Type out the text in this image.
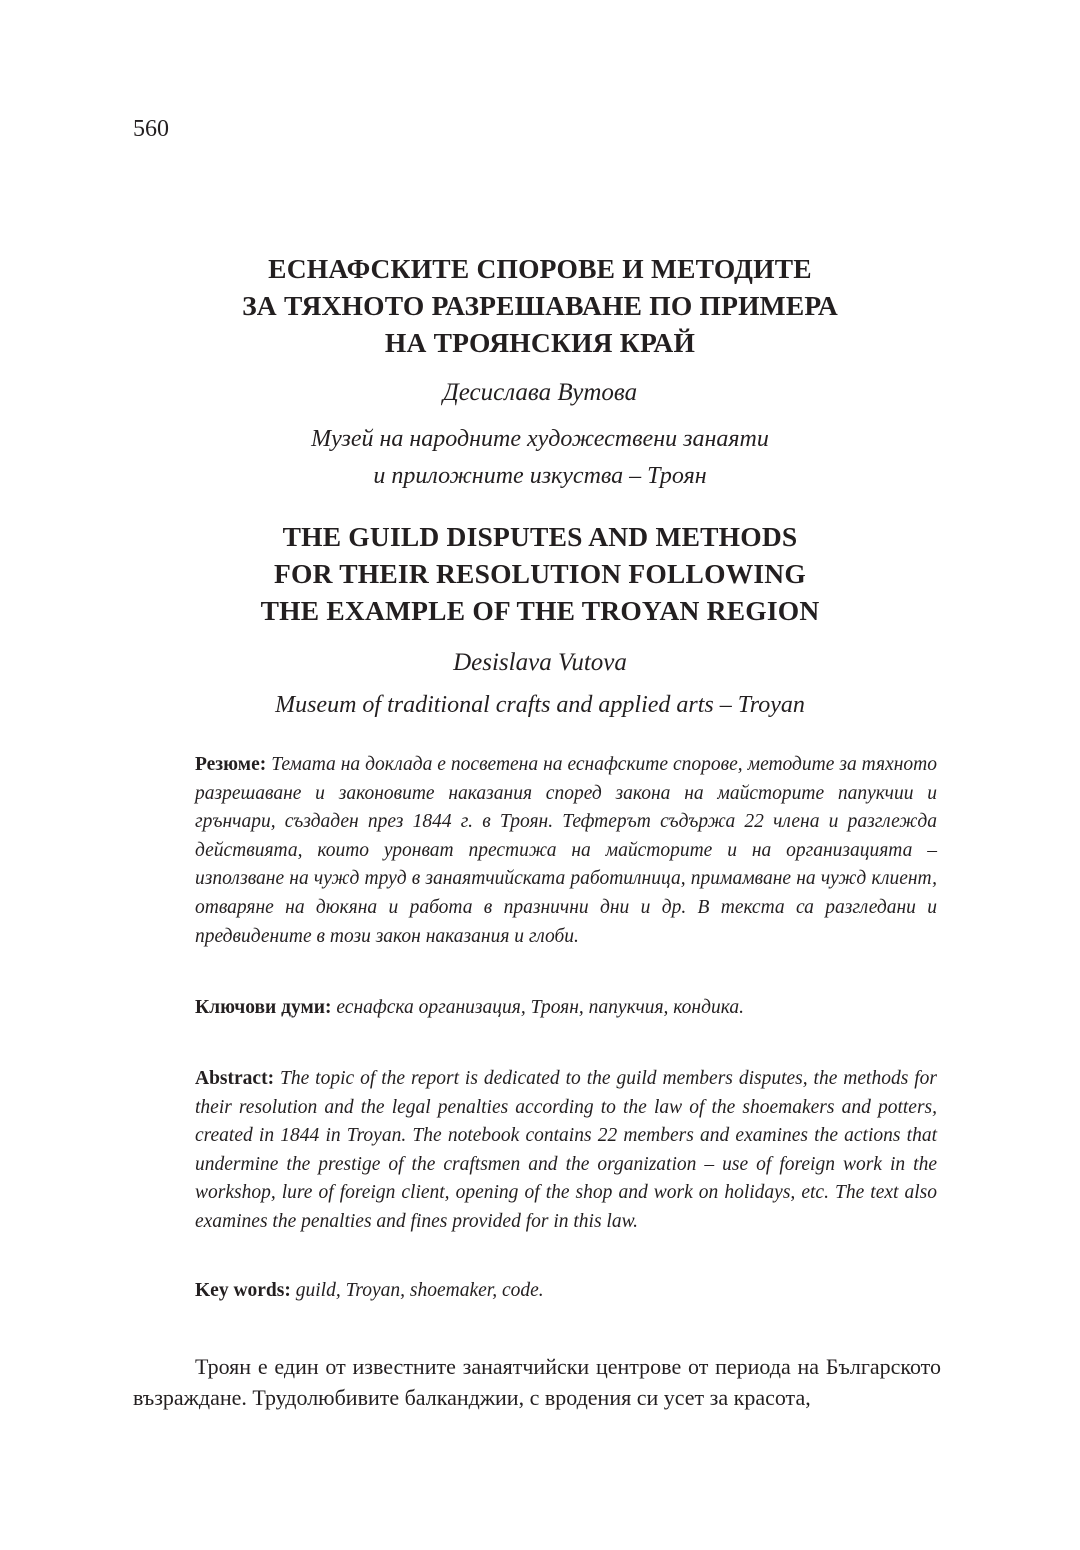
560
ЕСНАФСКИТЕ СПОРОВЕ И МЕТОДИТЕ
ЗА ТЯХНОТО РАЗРЕШАВАНЕ ПО ПРИМЕРА
НА ТРОЯНСКИЯ КРАЙ
Десислава Вутова
Музей на народните художествени занаяти
и приложните изкуства – Троян
THE GUILD DISPUTES AND METHODS
FOR THEIR RESOLUTION FOLLOWING
THE EXAMPLE OF THE TROYAN REGION
Desislava Vutova
Museum of traditional crafts and applied arts – Troyan
Резюме: Темата на доклада е посветена на еснафските спорове, методите за тяхното разрешаване и законовите наказания според закона на майсторите папукчии и грънчари, създаден през 1844 г. в Троян. Тефтерът съдържа 22 члена и разглежда действията, които уронват престижа на майсторите и на организацията – използване на чужд труд в занаятчийската работилница, примамване на чужд клиент, отваряне на дюкяна и работа в празнични дни и др. В текста са разгледани и предвидените в този закон наказания и глоби.
Ключови думи: еснафска организация, Троян, папукчия, кондика.
Abstract: The topic of the report is dedicated to the guild members disputes, the methods for their resolution and the legal penalties according to the law of the shoemakers and potters, created in 1844 in Troyan. The notebook contains 22 members and examines the actions that undermine the prestige of the craftsmen and the organization – use of foreign work in the workshop, lure of foreign client, opening of the shop and work on holidays, etc. The text also examines the penalties and fines provided for in this law.
Key words: guild, Troyan, shoemaker, code.
Троян е един от известните занаятчийски центрове от периода на Българското възраждане. Трудолюбивите балканджии, с вродения си усет за красота,
